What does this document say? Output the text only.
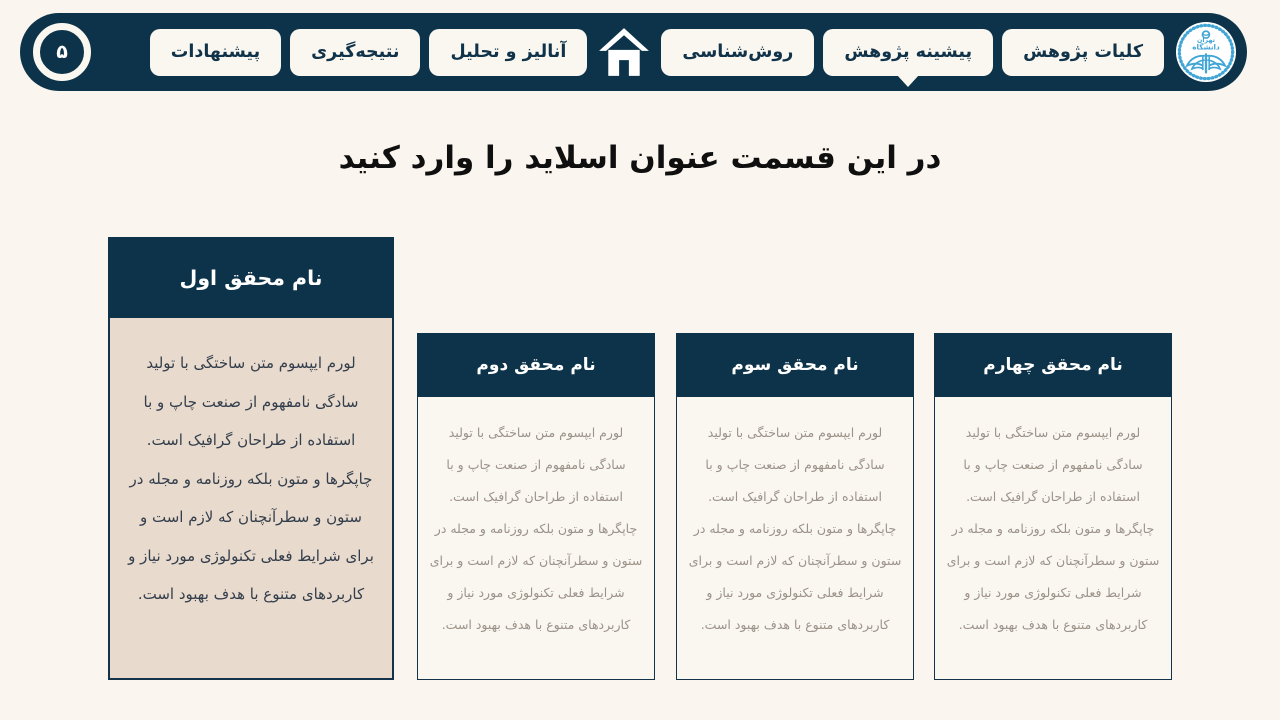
تهران
دانشگاه
کلیات پژوهش
پیشینه پژوهش
روش‌شناسی
آنالیز و تحلیل
نتیجه‌گیری
پیشنهادات
۵
در این قسمت عنوان اسلاید را وارد کنید
نام محقق اول

لورم ایپسوم متن ساختگی با تولید سادگی نامفهوم از صنعت چاپ و با استفاده از طراحان گرافیک است. چاپگرها و متون بلکه روزنامه و مجله در ستون و سطرآنچنان که لازم است و برای شرایط فعلی تکنولوژی مورد نیاز و کاربردهای متنوع با هدف بهبود است.

نام محقق دوم

لورم ایپسوم متن ساختگی با تولید سادگی نامفهوم از صنعت چاپ و با استفاده از طراحان گرافیک است. چاپگرها و متون بلکه روزنامه و مجله در ستون و سطرآنچنان که لازم است و برای شرایط فعلی تکنولوژی مورد نیاز و کاربردهای متنوع با هدف بهبود است.

نام محقق سوم

لورم ایپسوم متن ساختگی با تولید سادگی نامفهوم از صنعت چاپ و با استفاده از طراحان گرافیک است. چاپگرها و متون بلکه روزنامه و مجله در ستون و سطرآنچنان که لازم است و برای شرایط فعلی تکنولوژی مورد نیاز و کاربردهای متنوع با هدف بهبود است.

نام محقق چهارم

لورم ایپسوم متن ساختگی با تولید سادگی نامفهوم از صنعت چاپ و با استفاده از طراحان گرافیک است. چاپگرها و متون بلکه روزنامه و مجله در ستون و سطرآنچنان که لازم است و برای شرایط فعلی تکنولوژی مورد نیاز و کاربردهای متنوع با هدف بهبود است.
